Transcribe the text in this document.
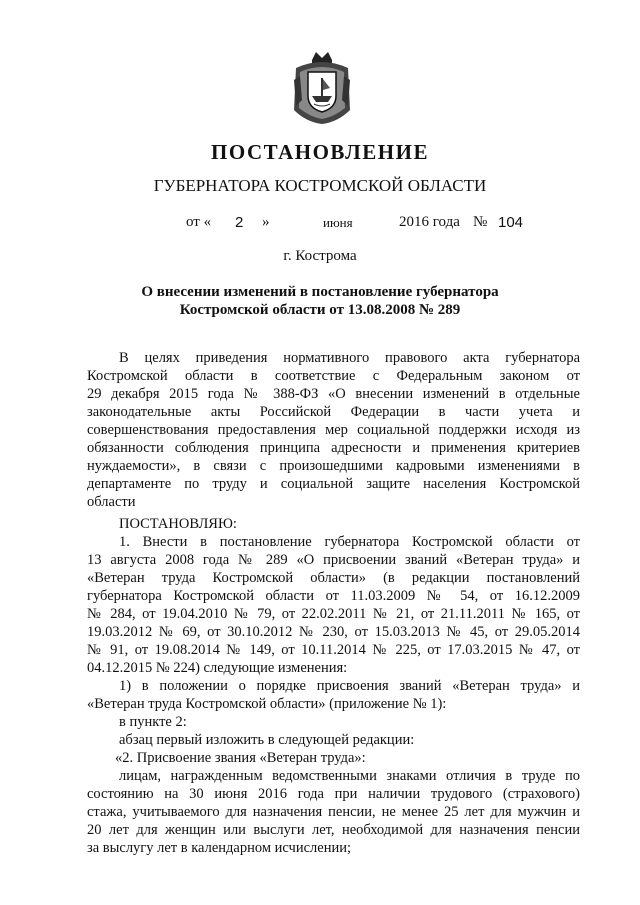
ПОСТАНОВЛЕНИЕ
ГУБЕРНАТОРА КОСТРОМСКОЙ ОБЛАСТИ
от « 2 »	июня	2016 года № 104
г. Кострома
О внесении изменений в постановление губернатора
Костромской области от 13.08.2008 № 289

В целях приведения нормативного правового акта губернатора

Костромской области в соответствие с Федеральным законом от

29 декабря 2015 года № 388-ФЗ «О внесении изменений в отдельные

законодательные акты Российской Федерации в части учета и

совершенствования предоставления мер социальной поддержки исходя из

обязанности соблюдения принципа адресности и применения критериев

нуждаемости», в связи с произошедшими кадровыми изменениями в

департаменте по труду и социальной защите населения Костромской

области

ПОСТАНОВЛЯЮ:

1. Внести в постановление губернатора Костромской области от

13 августа 2008 года № 289 «О присвоении званий «Ветеран труда» и

«Ветеран труда Костромской области» (в редакции постановлений

губернатора Костромской области от 11.03.2009 № 54, от 16.12.2009

№ 284, от 19.04.2010 № 79, от 22.02.2011 № 21, от 21.11.2011 № 165, от

19.03.2012 № 69, от 30.10.2012 № 230, от 15.03.2013 № 45, от 29.05.2014

№ 91, от 19.08.2014 № 149, от 10.11.2014 № 225, от 17.03.2015 № 47, от

04.12.2015 № 224) следующие изменения:

1) в положении о порядке присвоения званий «Ветеран труда» и

«Ветеран труда Костромской области» (приложение № 1):

в пункте 2:

абзац первый изложить в следующей редакции:

«2. Присвоение звания «Ветеран труда»:

лицам, награжденным ведомственными знаками отличия в труде по

состоянию на 30 июня 2016 года при наличии трудового (страхового)

стажа, учитываемого для назначения пенсии, не менее 25 лет для мужчин и

20 лет для женщин или выслуги лет, необходимой для назначения пенсии

за выслугу лет в календарном исчислении;
